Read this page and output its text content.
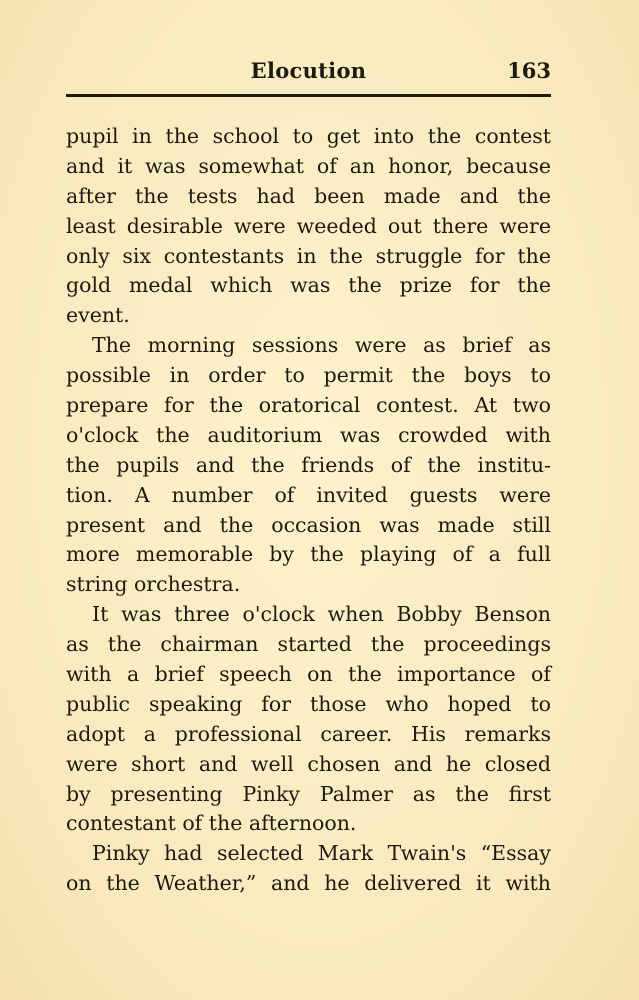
Elocution	163
pupil in the school to get into the contest
and it was somewhat of an honor, because
after the tests had been made and the
least desirable were weeded out there were
only six contestants in the struggle for the
gold medal which was the prize for the
event.
The morning sessions were as brief as
possible in order to permit the boys to
prepare for the oratorical contest. At two
o'clock the auditorium was crowded with
the pupils and the friends of the institu-
tion. A number of invited guests were
present and the occasion was made still
more memorable by the playing of a full
string orchestra.
It was three o'clock when Bobby Benson
as the chairman started the proceedings
with a brief speech on the importance of
public speaking for those who hoped to
adopt a professional career. His remarks
were short and well chosen and he closed
by presenting Pinky Palmer as the first
contestant of the afternoon.
Pinky had selected Mark Twain's “Essay
on the Weather,” and he delivered it with
